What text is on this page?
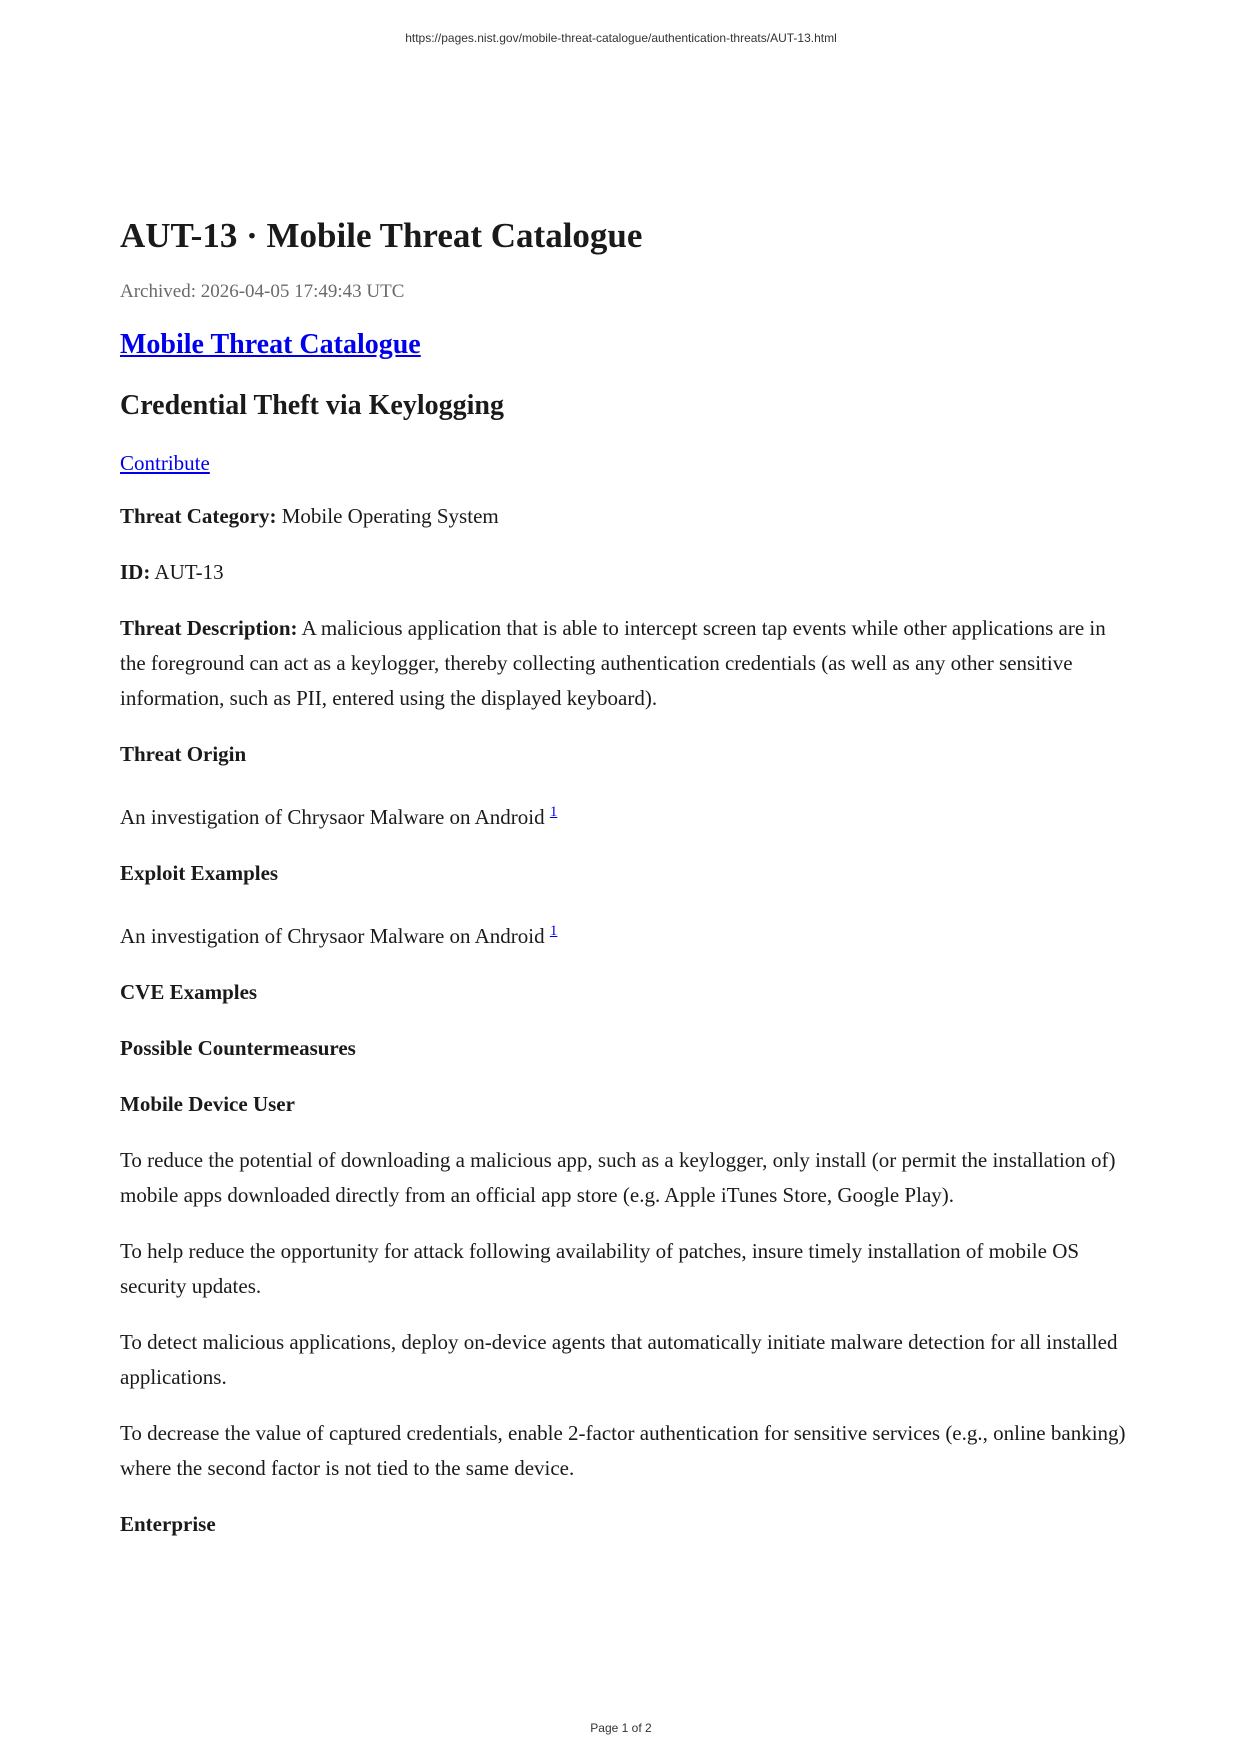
https://pages.nist.gov/mobile-threat-catalogue/authentication-threats/AUT-13.html
AUT-13 · Mobile Threat Catalogue
Archived: 2026-04-05 17:49:43 UTC
Mobile Threat Catalogue
Credential Theft via Keylogging
Contribute

Threat Category: Mobile Operating System

ID: AUT-13

Threat Description: A malicious application that is able to intercept screen tap events while other applications are in the foreground can act as a keylogger, thereby collecting authentication credentials (as well as any other sensitive information, such as PII, entered using the displayed keyboard).

Threat Origin

An investigation of Chrysaor Malware on Android $^1$

Exploit Examples

An investigation of Chrysaor Malware on Android $^1$

CVE Examples
Possible Countermeasures
Mobile Device User

To reduce the potential of downloading a malicious app, such as a keylogger, only install (or permit the installation of) mobile apps downloaded directly from an official app store (e.g. Apple iTunes Store, Google Play).

To help reduce the opportunity for attack following availability of patches, insure timely installation of mobile OS security updates.

To detect malicious applications, deploy on-device agents that automatically initiate malware detection for all installed applications.

To decrease the value of captured credentials, enable 2-factor authentication for sensitive services (e.g., online banking) where the second factor is not tied to the same device.

Enterprise
Page 1 of 2
